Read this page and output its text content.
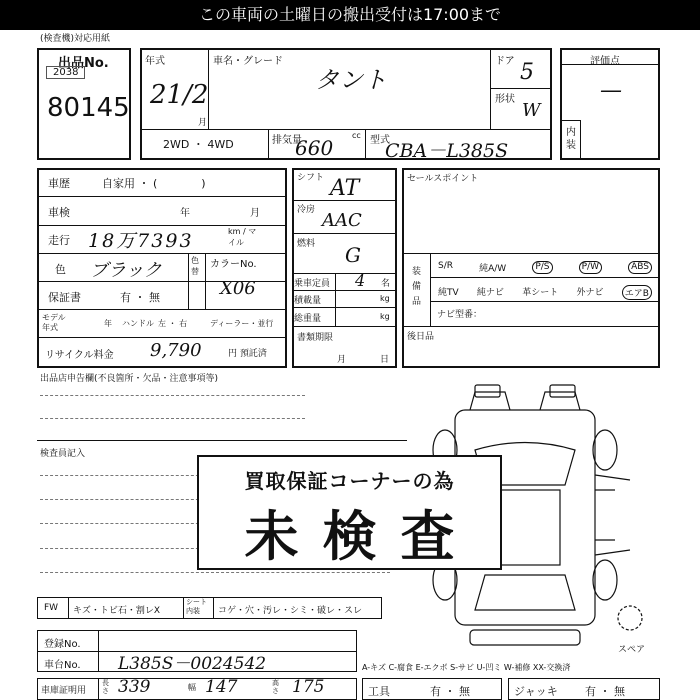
この車両の土曜日の搬出受付は17:00まで
(検査機)対応用紙
出品No.
2038
80145
年式
21/2
月
車名・グレード
タント
ドア 5
形状
W
2WD ・ 4WD	排気量	cc
660	型式
CBA－L385S
評価点
—
内装
車歴	自家用 ・ (　　　　)
車検	年	月
走行 18万7393	km / マイル
色 ブラック	色替
カラーNo.
X06
保証書	有 ・ 無
モデル年式	年 ハンドル 左 ・ 右	ディーラー・並行
リサイクル料金 9,790	円 預託済
シフト AT
冷房 AAC
燃料 G
乗車定員 4 名
積載量	kg
総重量	kg
書類期限
月	日
セールスポイント
装備品
S/R	純A/W	P/S	P/W	ABS
純TV 純ナビ 革シート 外ナビ	エアB
ナビ型番：
後日品
出品店申告欄(不良箇所・欠品・注意事項等)
検査員記入
スペア
買取保証コーナーの為
未検査
FW キズ・トビ石・割レX
シート内装	コゲ・穴・汚レ・シミ・破レ・スレ
登録No.
車台No. L385S－0024542	A-キズ C-腐食 E-エクボ S-サビ U-凹ミ W-補修 XX-交換済
車庫証明用
長さ 339	幅 147	高さ 175	工具	有 ・ 無	ジャッキ 有 ・ 無
